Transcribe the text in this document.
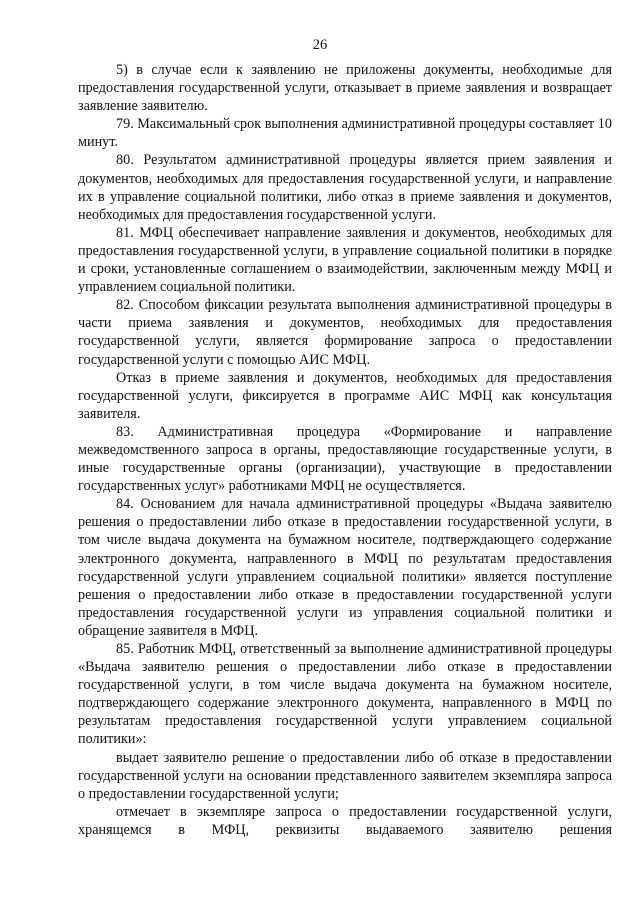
26

5) в случае если к заявлению не приложены документы, необходимые для предоставления государственной услуги, отказывает в приеме заявления и возвращает заявление заявителю.

79. Максимальный срок выполнения административной процедуры составляет 10 минут.

80. Результатом административной процедуры является прием заявления и документов, необходимых для предоставления государственной услуги, и направление их в управление социальной политики, либо отказ в приеме заявления и документов, необходимых для предоставления государственной услуги.

81. МФЦ обеспечивает направление заявления и документов, необходимых для предоставления государственной услуги, в управление социальной политики в порядке и сроки, установленные соглашением о взаимодействии, заключенным между МФЦ и управлением социальной политики.

82. Способом фиксации результата выполнения административной процедуры в части приема заявления и документов, необходимых для предоставления государственной услуги, является формирование запроса о предоставлении государственной услуги с помощью АИС МФЦ.

Отказ в приеме заявления и документов, необходимых для предоставления государственной услуги, фиксируется в программе АИС МФЦ как консультация заявителя.

83. Административная процедура «Формирование и направление межведомственного запроса в органы, предоставляющие государственные услуги, в иные государственные органы (организации), участвующие в предоставлении государственных услуг» работниками МФЦ не осуществляется.

84. Основанием для начала административной процедуры «Выдача заявителю решения о предоставлении либо отказе в предоставлении государственной услуги, в том числе выдача документа на бумажном носителе, подтверждающего содержание электронного документа, направленного в МФЦ по результатам предоставления государственной услуги управлением социальной политики» является поступление решения о предоставлении либо отказе в предоставлении государственной услуги предоставления государственной услуги из управления социальной политики и обращение заявителя в МФЦ.

85. Работник МФЦ, ответственный за выполнение административной процедуры «Выдача заявителю решения о предоставлении либо отказе в предоставлении государственной услуги, в том числе выдача документа на бумажном носителе, подтверждающего содержание электронного документа, направленного в МФЦ по результатам предоставления государственной услуги управлением социальной политики»:

выдает заявителю решение о предоставлении либо об отказе в предоставлении государственной услуги на основании представленного заявителем экземпляра запроса о предоставлении государственной услуги;

отмечает в экземпляре запроса о предоставлении государственной услуги, хранящемся в МФЦ, реквизиты выдаваемого заявителю решения
